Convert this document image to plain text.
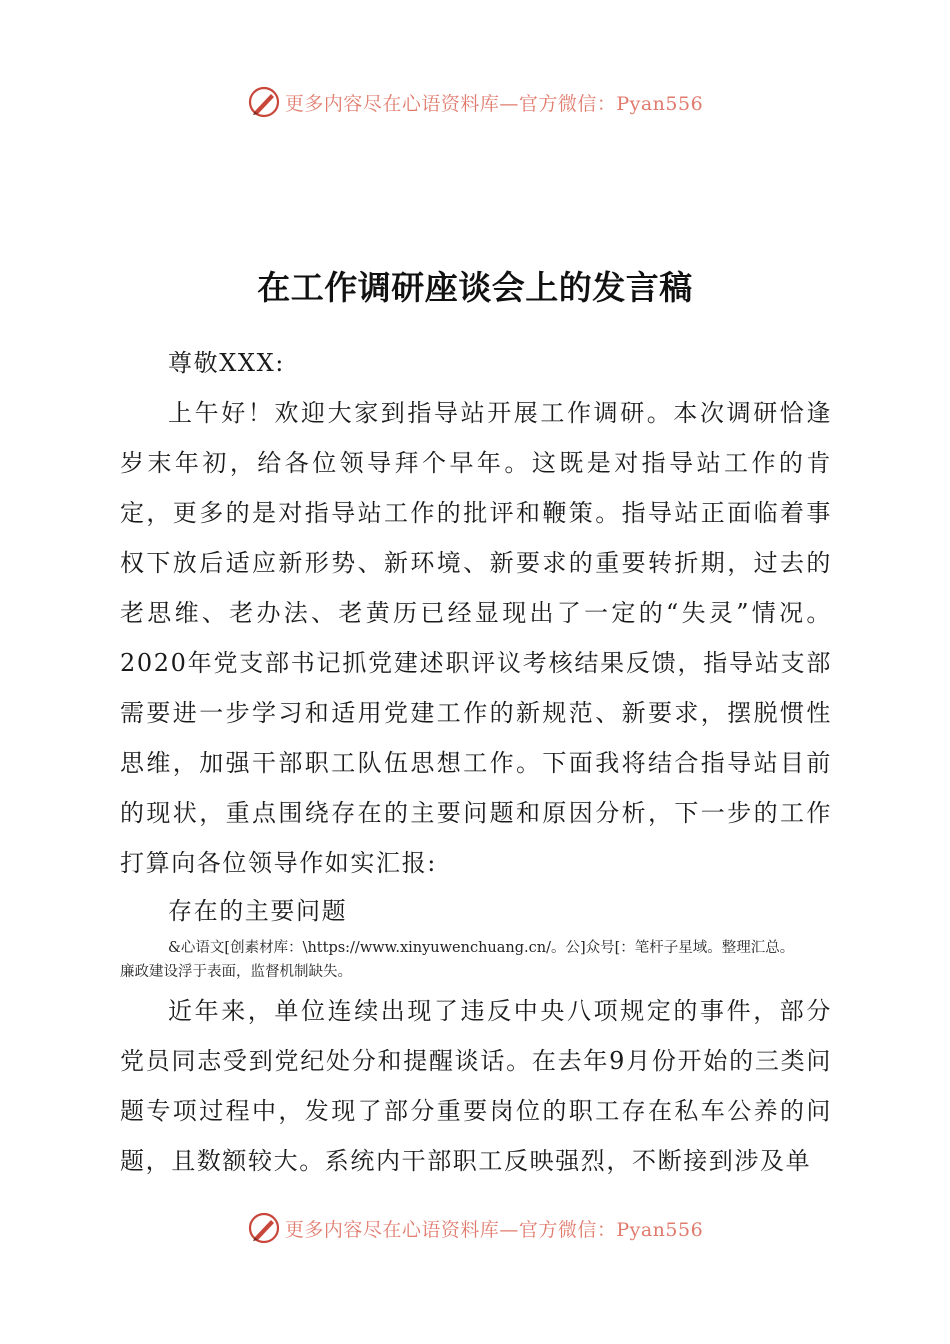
更多内容尽在心语资料库—官方微信：Pyan556
在工作调研座谈会上的发言稿
尊敬XXX:
上午好！欢迎大家到指导站开展工作调研。本次调研恰逢岁末年初，给各位领导拜个早年。这既是对指导站工作的肯定，更多的是对指导站工作的批评和鞭策。指导站正面临着事权下放后适应新形势、新环境、新要求的重要转折期，过去的老思维、老办法、老黄历已经显现出了一定的“失灵”情况。2020年党支部书记抓党建述职评议考核结果反馈，指导站支部需要进一步学习和适用党建工作的新规范、新要求，摆脱惯性思维，加强干部职工队伍思想工作。下面我将结合指导站目前的现状，重点围绕存在的主要问题和原因分析，下一步的工作打算向各位领导作如实汇报:
存在的主要问题
&心语文[创素材库：\https://www.xinyuwenchuang.cn/。公]众号[：笔杆子星域。整理汇总。
廉政建设浮于表面，监督机制缺失。
近年来，单位连续出现了违反中央八项规定的事件，部分党员同志受到党纪处分和提醒谈话。在去年9月份开始的三类问题专项过程中，发现了部分重要岗位的职工存在私车公养的问题，且数额较大。系统内干部职工反映强烈，不断接到涉及单
更多内容尽在心语资料库—官方微信：Pyan556
